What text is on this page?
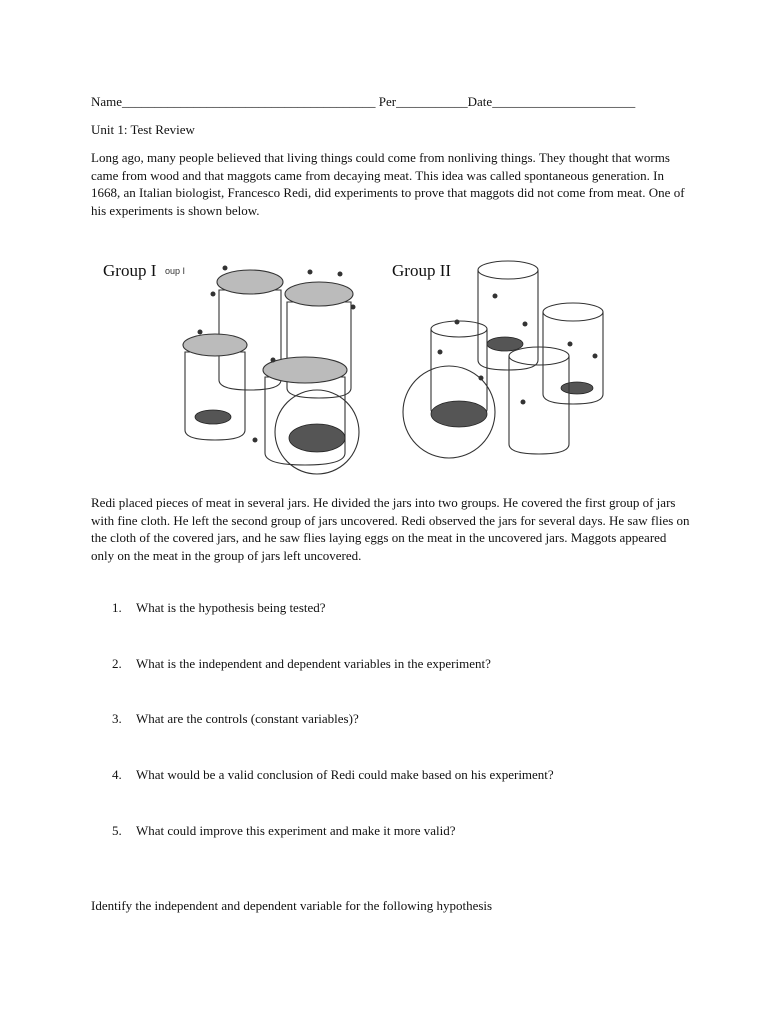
Name_______________________________________ Per___________Date______________________
Unit 1: Test Review

Long ago, many people believed that living things could come from nonliving things. They thought that worms came from wood and that maggots came from decaying meat. This idea was called spontaneous generation. In 1668, an Italian biologist, Francesco Redi, did experiments to prove that maggots did not come from meat. One of his experiments is shown below.

Group I oup I	Group II

Redi placed pieces of meat in several jars. He divided the jars into two groups. He covered the first group of jars with fine cloth. He left the second group of jars uncovered. Redi observed the jars for several days. He saw flies on the cloth of the covered jars, and he saw flies laying eggs on the meat in the uncovered jars. Maggots appeared only on the meat in the group of jars left uncovered.

1.	What is the hypothesis being tested?
2.	What is the independent and dependent variables in the experiment?
3.	What are the controls (constant variables)?
4.	What would be a valid conclusion of Redi could make based on his experiment?
5.	What could improve this experiment and make it more valid?
Identify the independent and dependent variable for the following hypothesis
